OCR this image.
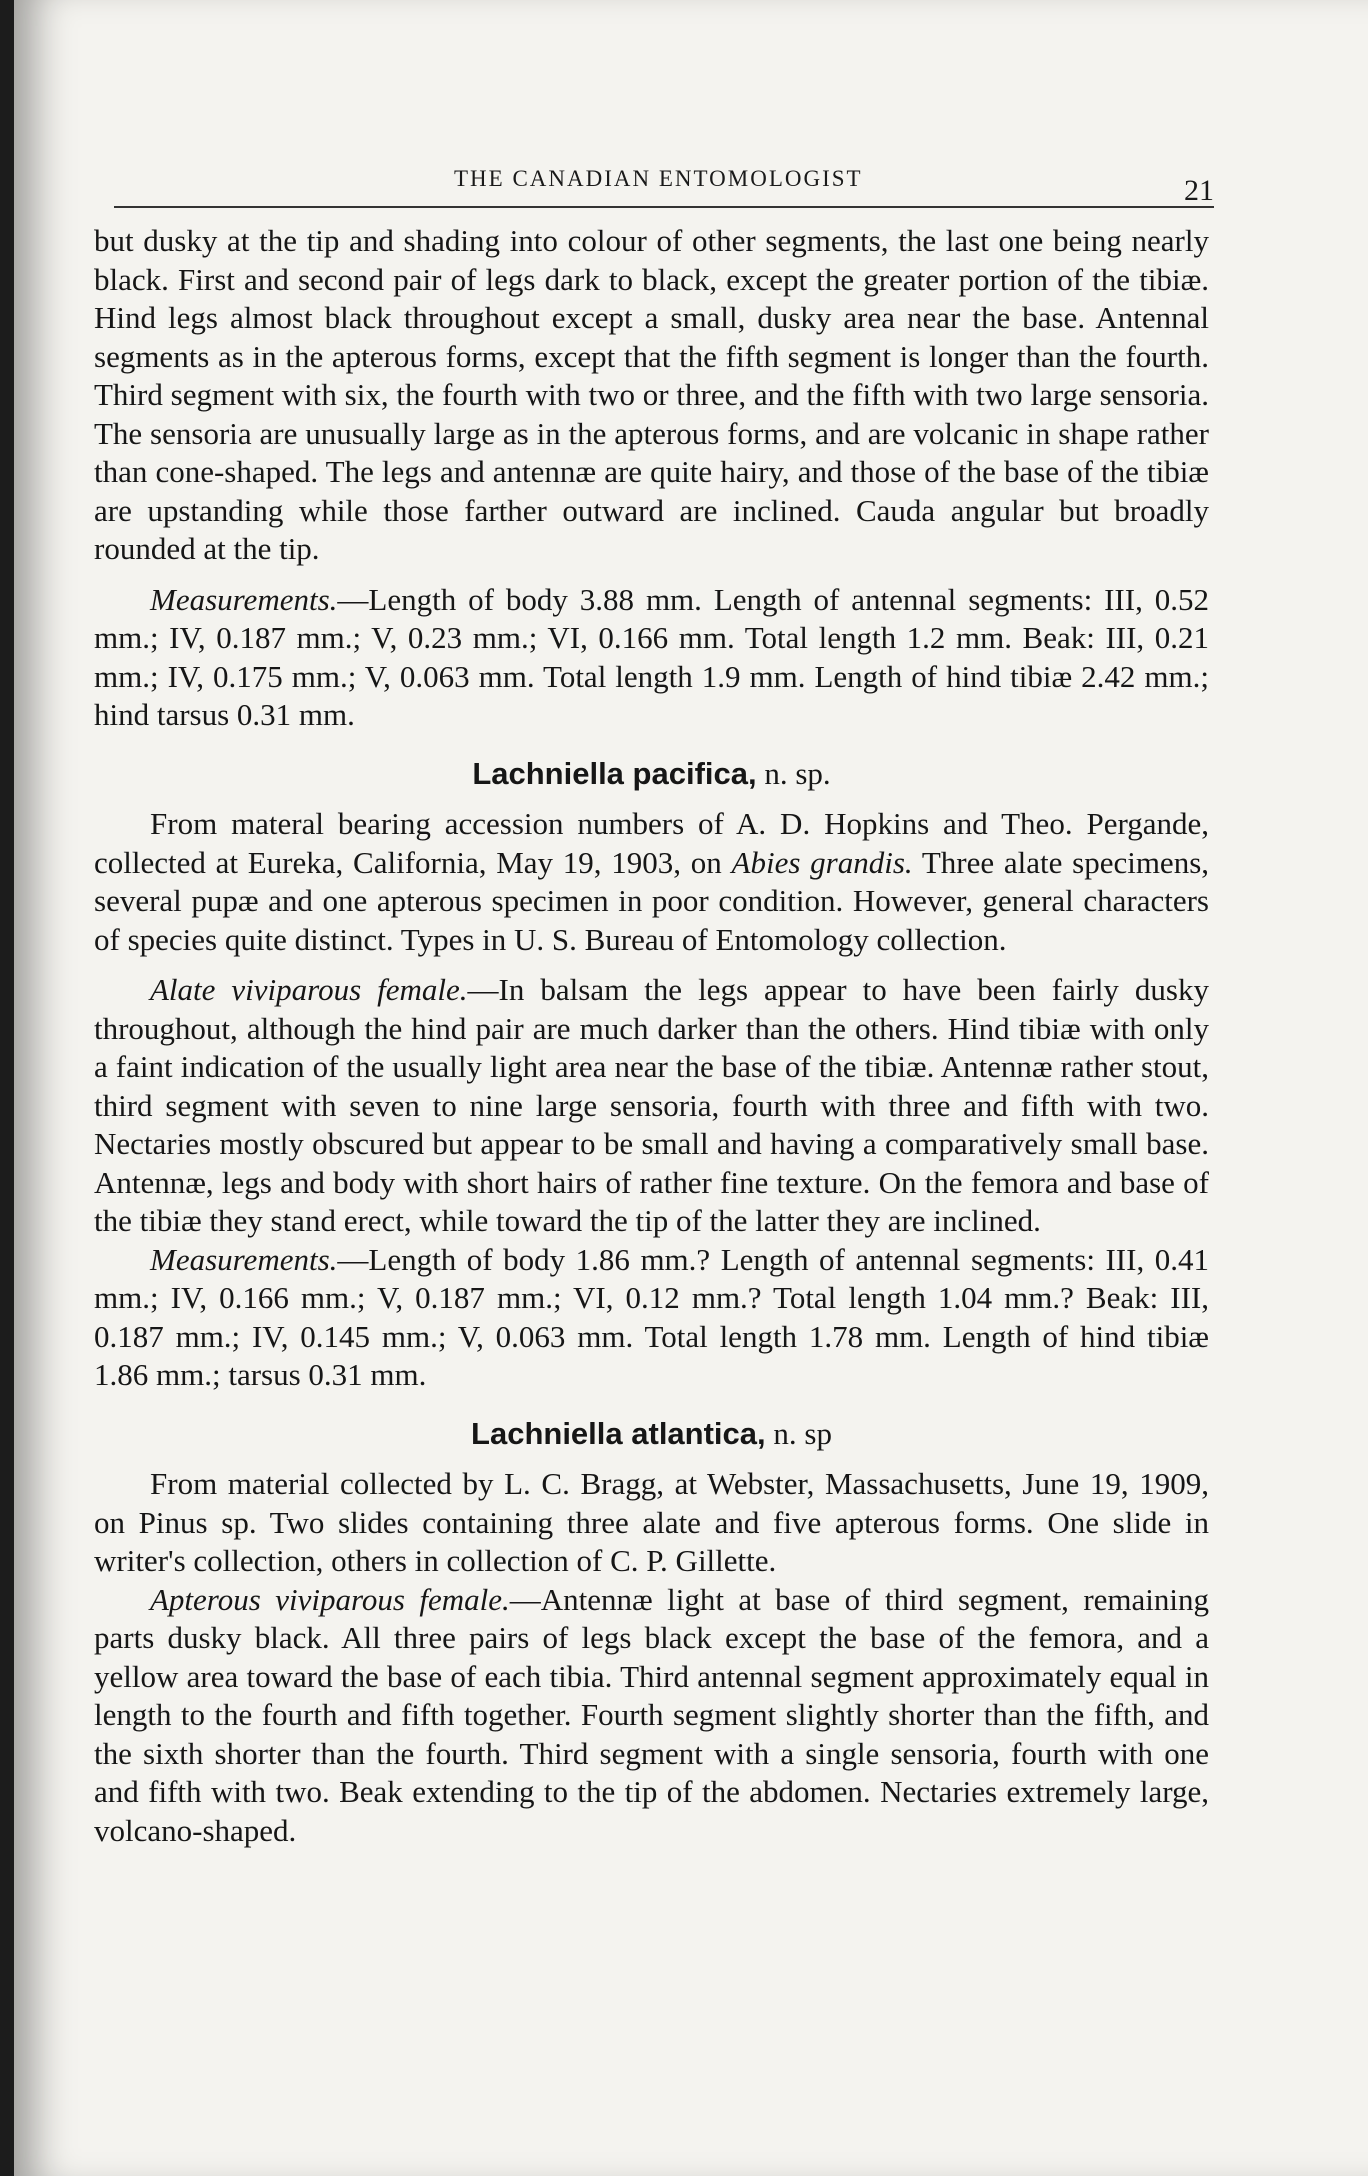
THE CANADIAN ENTOMOLOGIST	21

but dusky at the tip and shading into colour of other segments, the last one being nearly black. First and second pair of legs dark to black, except the greater portion of the tibiæ. Hind legs almost black throughout except a small, dusky area near the base. Antennal segments as in the apterous forms, except that the fifth segment is longer than the fourth. Third segment with six, the fourth with two or three, and the fifth with two large sensoria. The sensoria are unusually large as in the apterous forms, and are volcanic in shape rather than cone-shaped. The legs and antennæ are quite hairy, and those of the base of the tibiæ are upstanding while those farther outward are inclined. Cauda angular but broadly rounded at the tip.

Measurements.—Length of body 3.88 mm. Length of antennal segments: III, 0.52 mm.; IV, 0.187 mm.; V, 0.23 mm.; VI, 0.166 mm. Total length 1.2 mm. Beak: III, 0.21 mm.; IV, 0.175 mm.; V, 0.063 mm. Total length 1.9 mm. Length of hind tibiæ 2.42 mm.; hind tarsus 0.31 mm.

Lachniella pacifica, n. sp.

From materal bearing accession numbers of A. D. Hopkins and Theo. Pergande, collected at Eureka, California, May 19, 1903, on Abies grandis. Three alate specimens, several pupæ and one apterous specimen in poor condition. However, general characters of species quite distinct. Types in U. S. Bureau of Entomology collection.

Alate viviparous female.—In balsam the legs appear to have been fairly dusky throughout, although the hind pair are much darker than the others. Hind tibiæ with only a faint indication of the usually light area near the base of the tibiæ. Antennæ rather stout, third segment with seven to nine large sensoria, fourth with three and fifth with two. Nectaries mostly obscured but appear to be small and having a comparatively small base. Antennæ, legs and body with short hairs of rather fine texture. On the femora and base of the tibiæ they stand erect, while toward the tip of the latter they are inclined.

Measurements.—Length of body 1.86 mm.? Length of antennal segments: III, 0.41 mm.; IV, 0.166 mm.; V, 0.187 mm.; VI, 0.12 mm.? Total length 1.04 mm.? Beak: III, 0.187 mm.; IV, 0.145 mm.; V, 0.063 mm. Total length 1.78 mm. Length of hind tibiæ 1.86 mm.; tarsus 0.31 mm.

Lachniella atlantica, n. sp

From material collected by L. C. Bragg, at Webster, Massachusetts, June 19, 1909, on Pinus sp. Two slides containing three alate and five apterous forms. One slide in writer's collection, others in collection of C. P. Gillette.

Apterous viviparous female.—Antennæ light at base of third segment, remaining parts dusky black. All three pairs of legs black except the base of the femora, and a yellow area toward the base of each tibia. Third antennal segment approximately equal in length to the fourth and fifth together. Fourth segment slightly shorter than the fifth, and the sixth shorter than the fourth. Third segment with a single sensoria, fourth with one and fifth with two. Beak extending to the tip of the abdomen. Nectaries extremely large, volcano-shaped.
